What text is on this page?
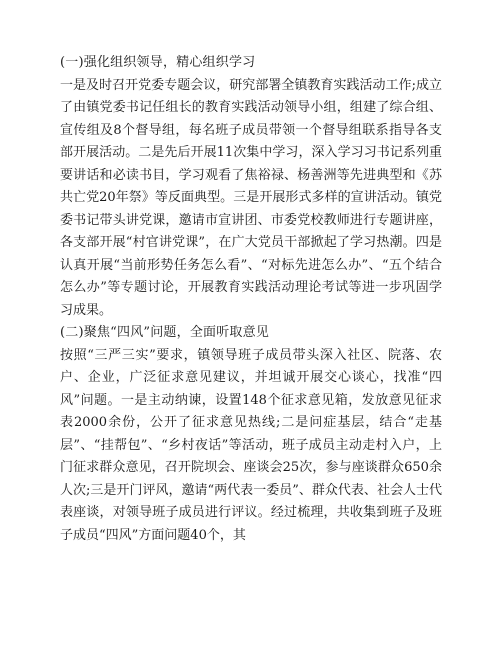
(一)强化组织领导，精心组织学习
一是及时召开党委专题会议，研究部署全镇教育实践活动工作;成立了由镇党委书记任组长的教育实践活动领导小组，组建了综合组、宣传组及8个督导组，每名班子成员带领一个督导组联系指导各支部开展活动。二是先后开展11次集中学习，深入学习习书记系列重要讲话和必读书目，学习观看了焦裕禄、杨善洲等先进典型和《苏共亡党20年祭》等反面典型。三是开展形式多样的宣讲活动。镇党委书记带头讲党课，邀请市宣讲团、市委党校教师进行专题讲座，各支部开展“村官讲党课”，在广大党员干部掀起了学习热潮。四是认真开展“当前形势任务怎么看”、“对标先进怎么办”、“五个结合怎么办”等专题讨论，开展教育实践活动理论考试等进一步巩固学习成果。
(二)聚焦“四风”问题，全面听取意见
按照“三严三实”要求，镇领导班子成员带头深入社区、院落、农户、企业，广泛征求意见建议，并坦诚开展交心谈心，找准“四风”问题。一是主动纳谏，设置148个征求意见箱，发放意见征求表2000余份，公开了征求意见热线;二是问症基层，结合“走基层”、“挂帮包”、“乡村夜话”等活动，班子成员主动走村入户，上门征求群众意见，召开院坝会、座谈会25次，参与座谈群众650余人次;三是开门评风，邀请“两代表一委员”、群众代表、社会人士代表座谈，对领导班子成员进行评议。经过梳理，共收集到班子及班子成员“四风”方面问题40个，其
